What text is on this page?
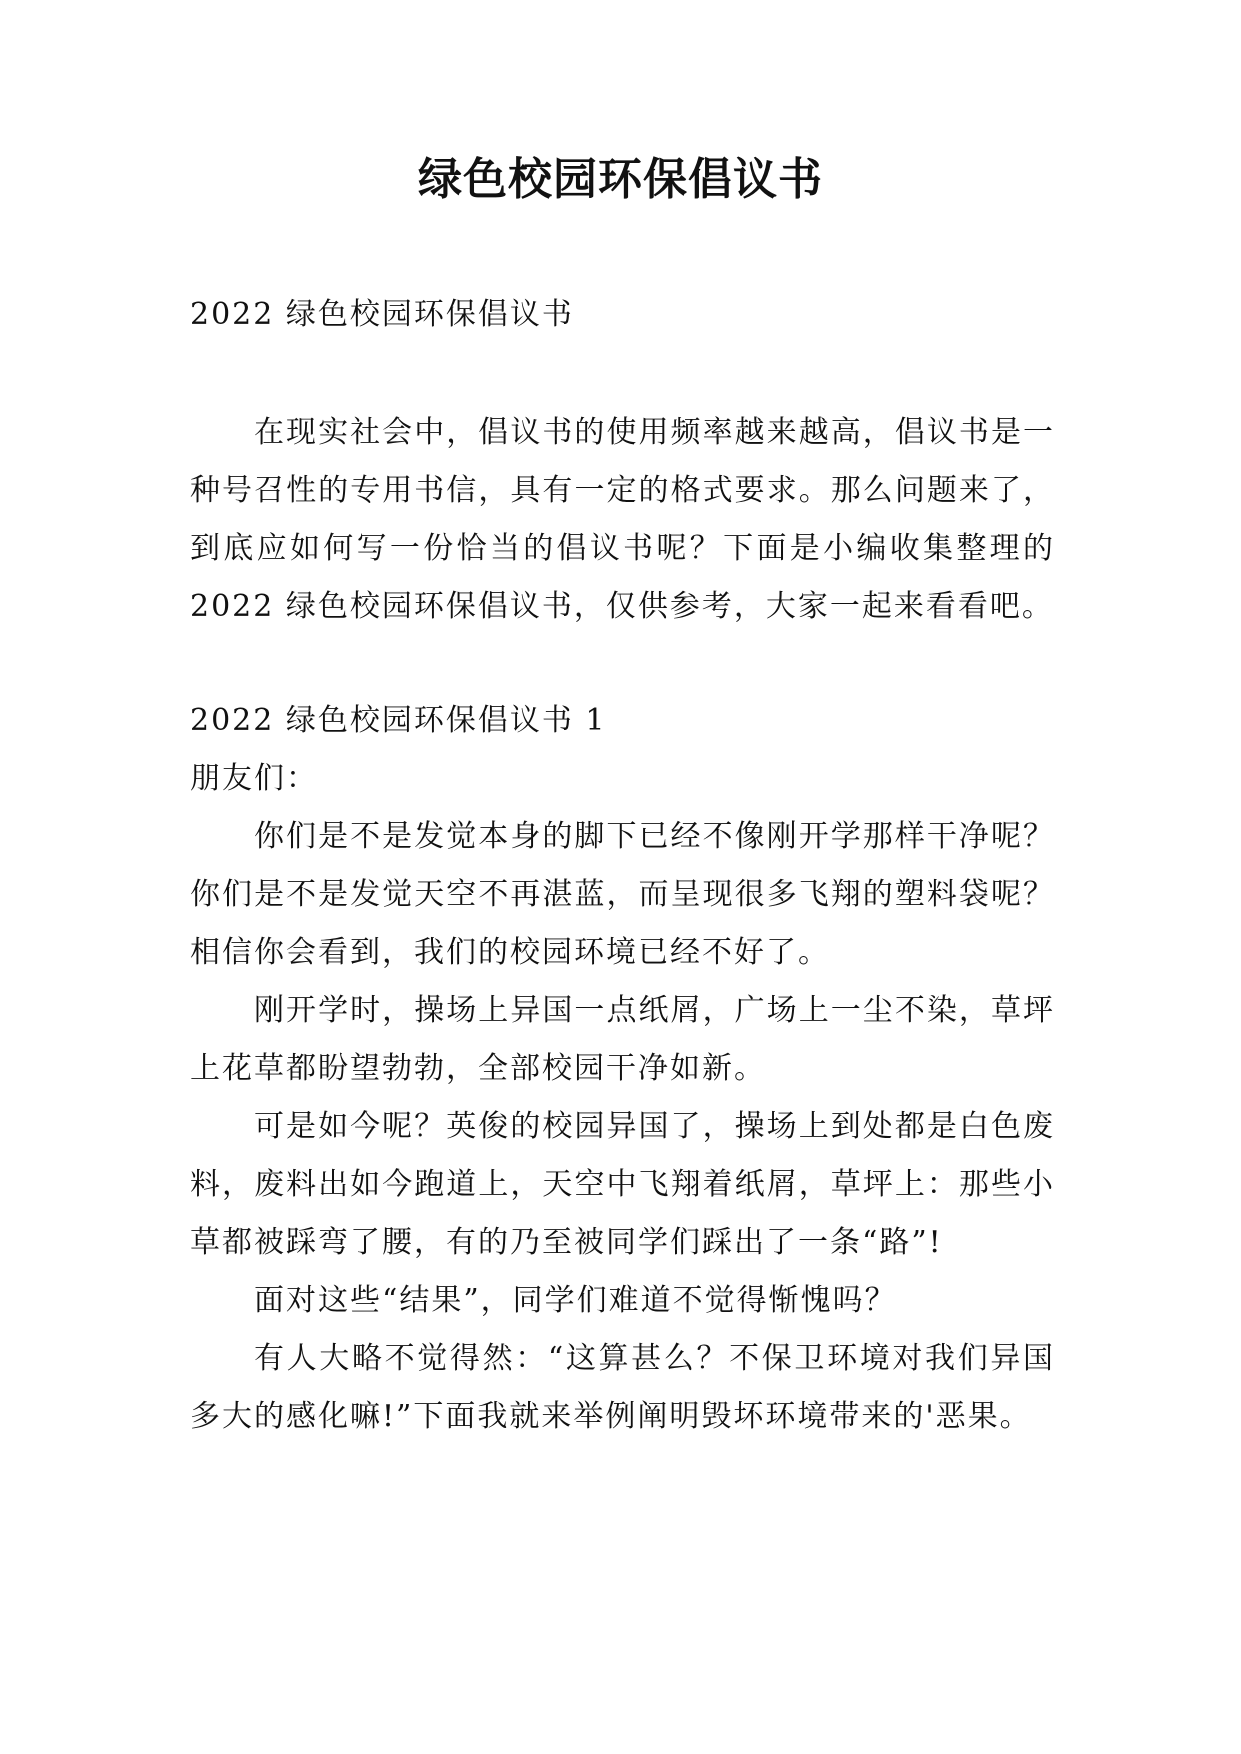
绿色校园环保倡议书

2022 绿色校园环保倡议书

在现实社会中，倡议书的使用频率越来越高，倡议书是一种号召性的专用书信，具有一定的格式要求。那么问题来了，到底应如何写一份恰当的倡议书呢？下面是小编收集整理的 2022 绿色校园环保倡议书，仅供参考，大家一起来看看吧。

2022 绿色校园环保倡议书 1

朋友们：

你们是不是发觉本身的脚下已经不像刚开学那样干净呢？你们是不是发觉天空不再湛蓝，而呈现很多飞翔的塑料袋呢？相信你会看到，我们的校园环境已经不好了。

刚开学时，操场上异国一点纸屑，广场上一尘不染，草坪上花草都盼望勃勃，全部校园干净如新。

可是如今呢？英俊的校园异国了，操场上到处都是白色废料，废料出如今跑道上，天空中飞翔着纸屑，草坪上：那些小草都被踩弯了腰，有的乃至被同学们踩出了一条“路”!

面对这些“结果”，同学们难道不觉得惭愧吗？

有人大略不觉得然：“这算甚么？不保卫环境对我们异国多大的感化嘛!”下面我就来举例阐明毁坏环境带来的'恶果。
